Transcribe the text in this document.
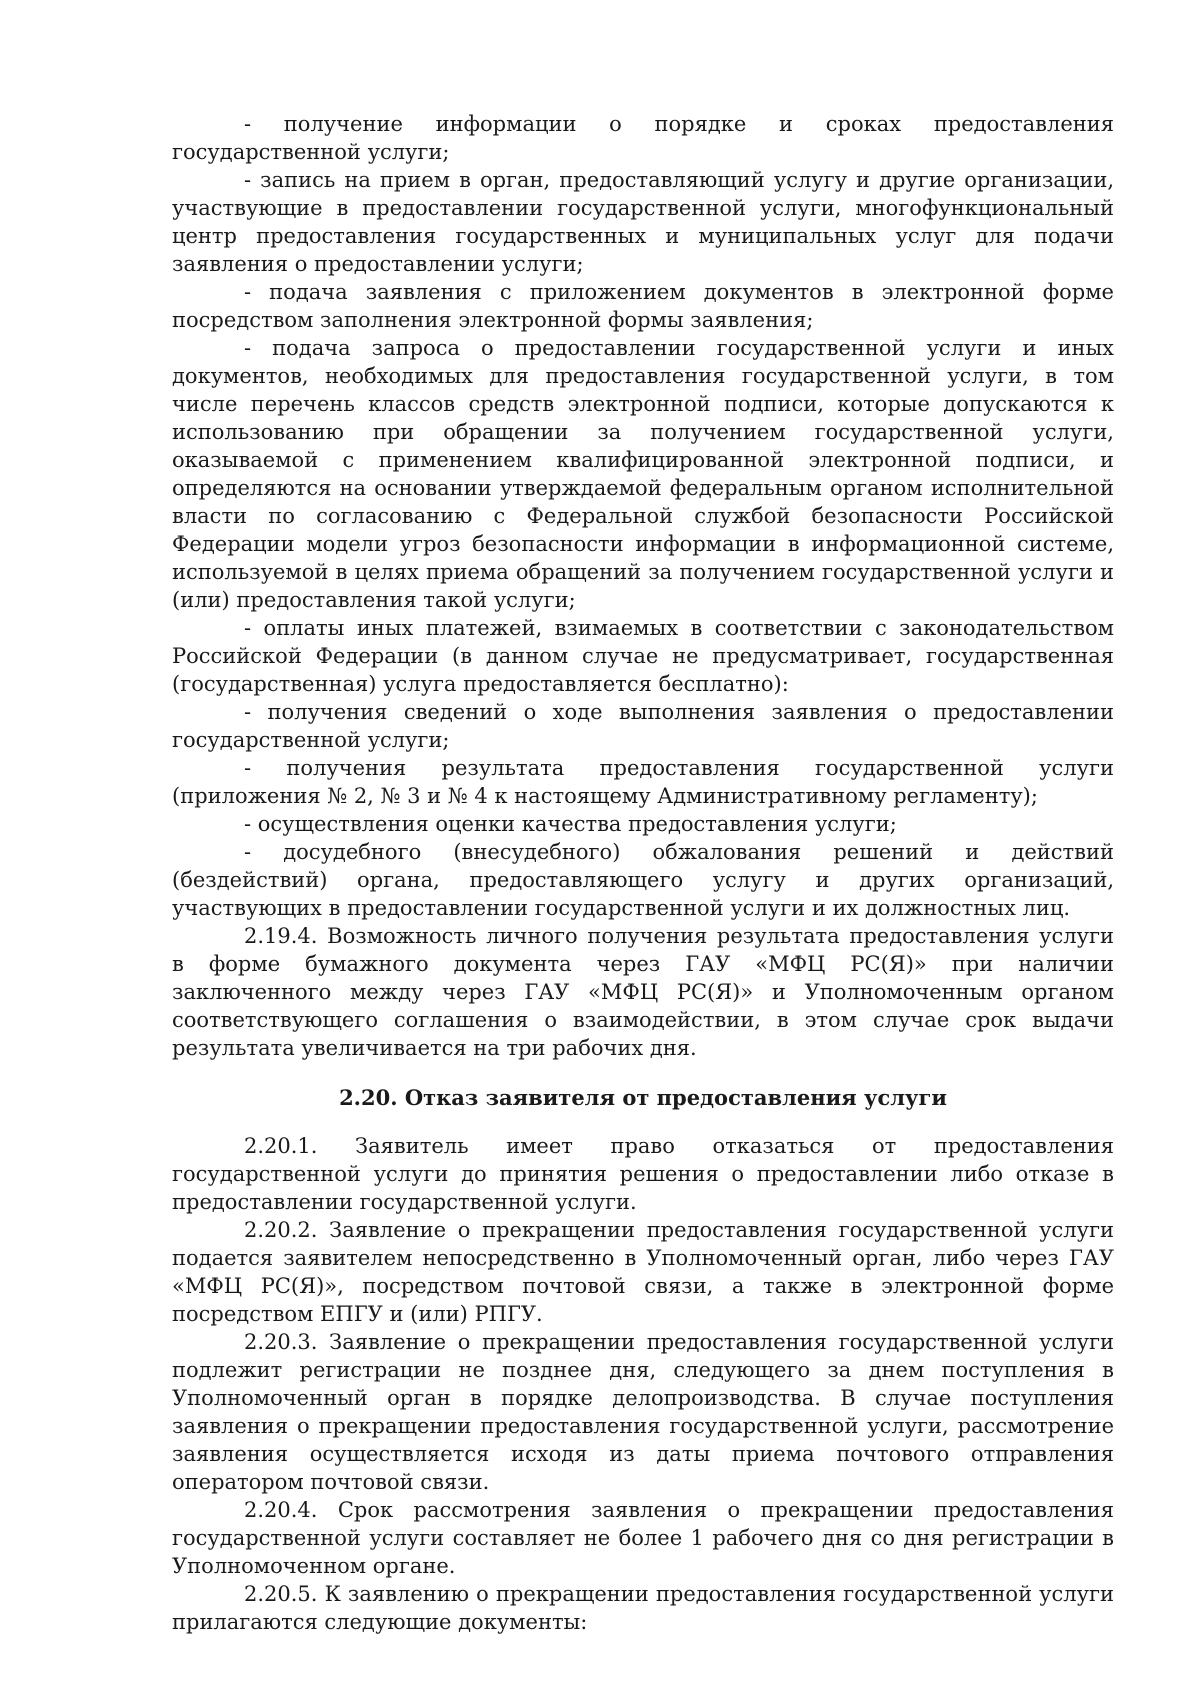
- получение информации о порядке и сроках предоставления государственной услуги;

- запись на прием в орган, предоставляющий услугу и другие организации, участвующие в предоставлении государственной услуги, многофункциональный центр предоставления государственных и муниципальных услуг для подачи заявления о предоставлении услуги;

- подача заявления с приложением документов в электронной форме посредством заполнения электронной формы заявления;

- подача запроса о предоставлении государственной услуги и иных документов, необходимых для предоставления государственной услуги, в том числе перечень классов средств электронной подписи, которые допускаются к использованию при обращении за получением государственной услуги, оказываемой с применением квалифицированной электронной подписи, и определяются на основании утверждаемой федеральным органом исполнительной власти по согласованию с Федеральной службой безопасности Российской Федерации модели угроз безопасности информации в информационной системе, используемой в целях приема обращений за получением государственной услуги и (или) предоставления такой услуги;

- оплаты иных платежей, взимаемых в соответствии с законодательством Российской Федерации (в данном случае не предусматривает, государственная (государственная) услуга предоставляется бесплатно):

- получения сведений о ходе выполнения заявления о предоставлении государственной услуги;

- получения результата предоставления государственной услуги (приложения № 2, № 3 и № 4 к настоящему Административному регламенту);

- осуществления оценки качества предоставления услуги;

- досудебного (внесудебного) обжалования решений и действий (бездействий) органа, предоставляющего услугу и других организаций, участвующих в предоставлении государственной услуги и их должностных лиц.

2.19.4. Возможность личного получения результата предоставления услуги в форме бумажного документа через ГАУ «МФЦ РС(Я)» при наличии заключенного между через ГАУ «МФЦ РС(Я)» и Уполномоченным органом соответствующего соглашения о взаимодействии, в этом случае срок выдачи результата увеличивается на три рабочих дня.

2.20. Отказ заявителя от предоставления услуги

2.20.1. Заявитель имеет право отказаться от предоставления государственной услуги до принятия решения о предоставлении либо отказе в предоставлении государственной услуги.

2.20.2. Заявление о прекращении предоставления государственной услуги подается заявителем непосредственно в Уполномоченный орган, либо через ГАУ «МФЦ РС(Я)», посредством почтовой связи, а также в электронной форме посредством ЕПГУ и (или) РПГУ.

2.20.3. Заявление о прекращении предоставления государственной услуги подлежит регистрации не позднее дня, следующего за днем поступления в Уполномоченный орган в порядке делопроизводства. В случае поступления заявления о прекращении предоставления государственной услуги, рассмотрение заявления осуществляется исходя из даты приема почтового отправления оператором почтовой связи.

2.20.4. Срок рассмотрения заявления о прекращении предоставления государственной услуги составляет не более 1 рабочего дня со дня регистрации в Уполномоченном органе.

2.20.5. К заявлению о прекращении предоставления государственной услуги прилагаются следующие документы:
